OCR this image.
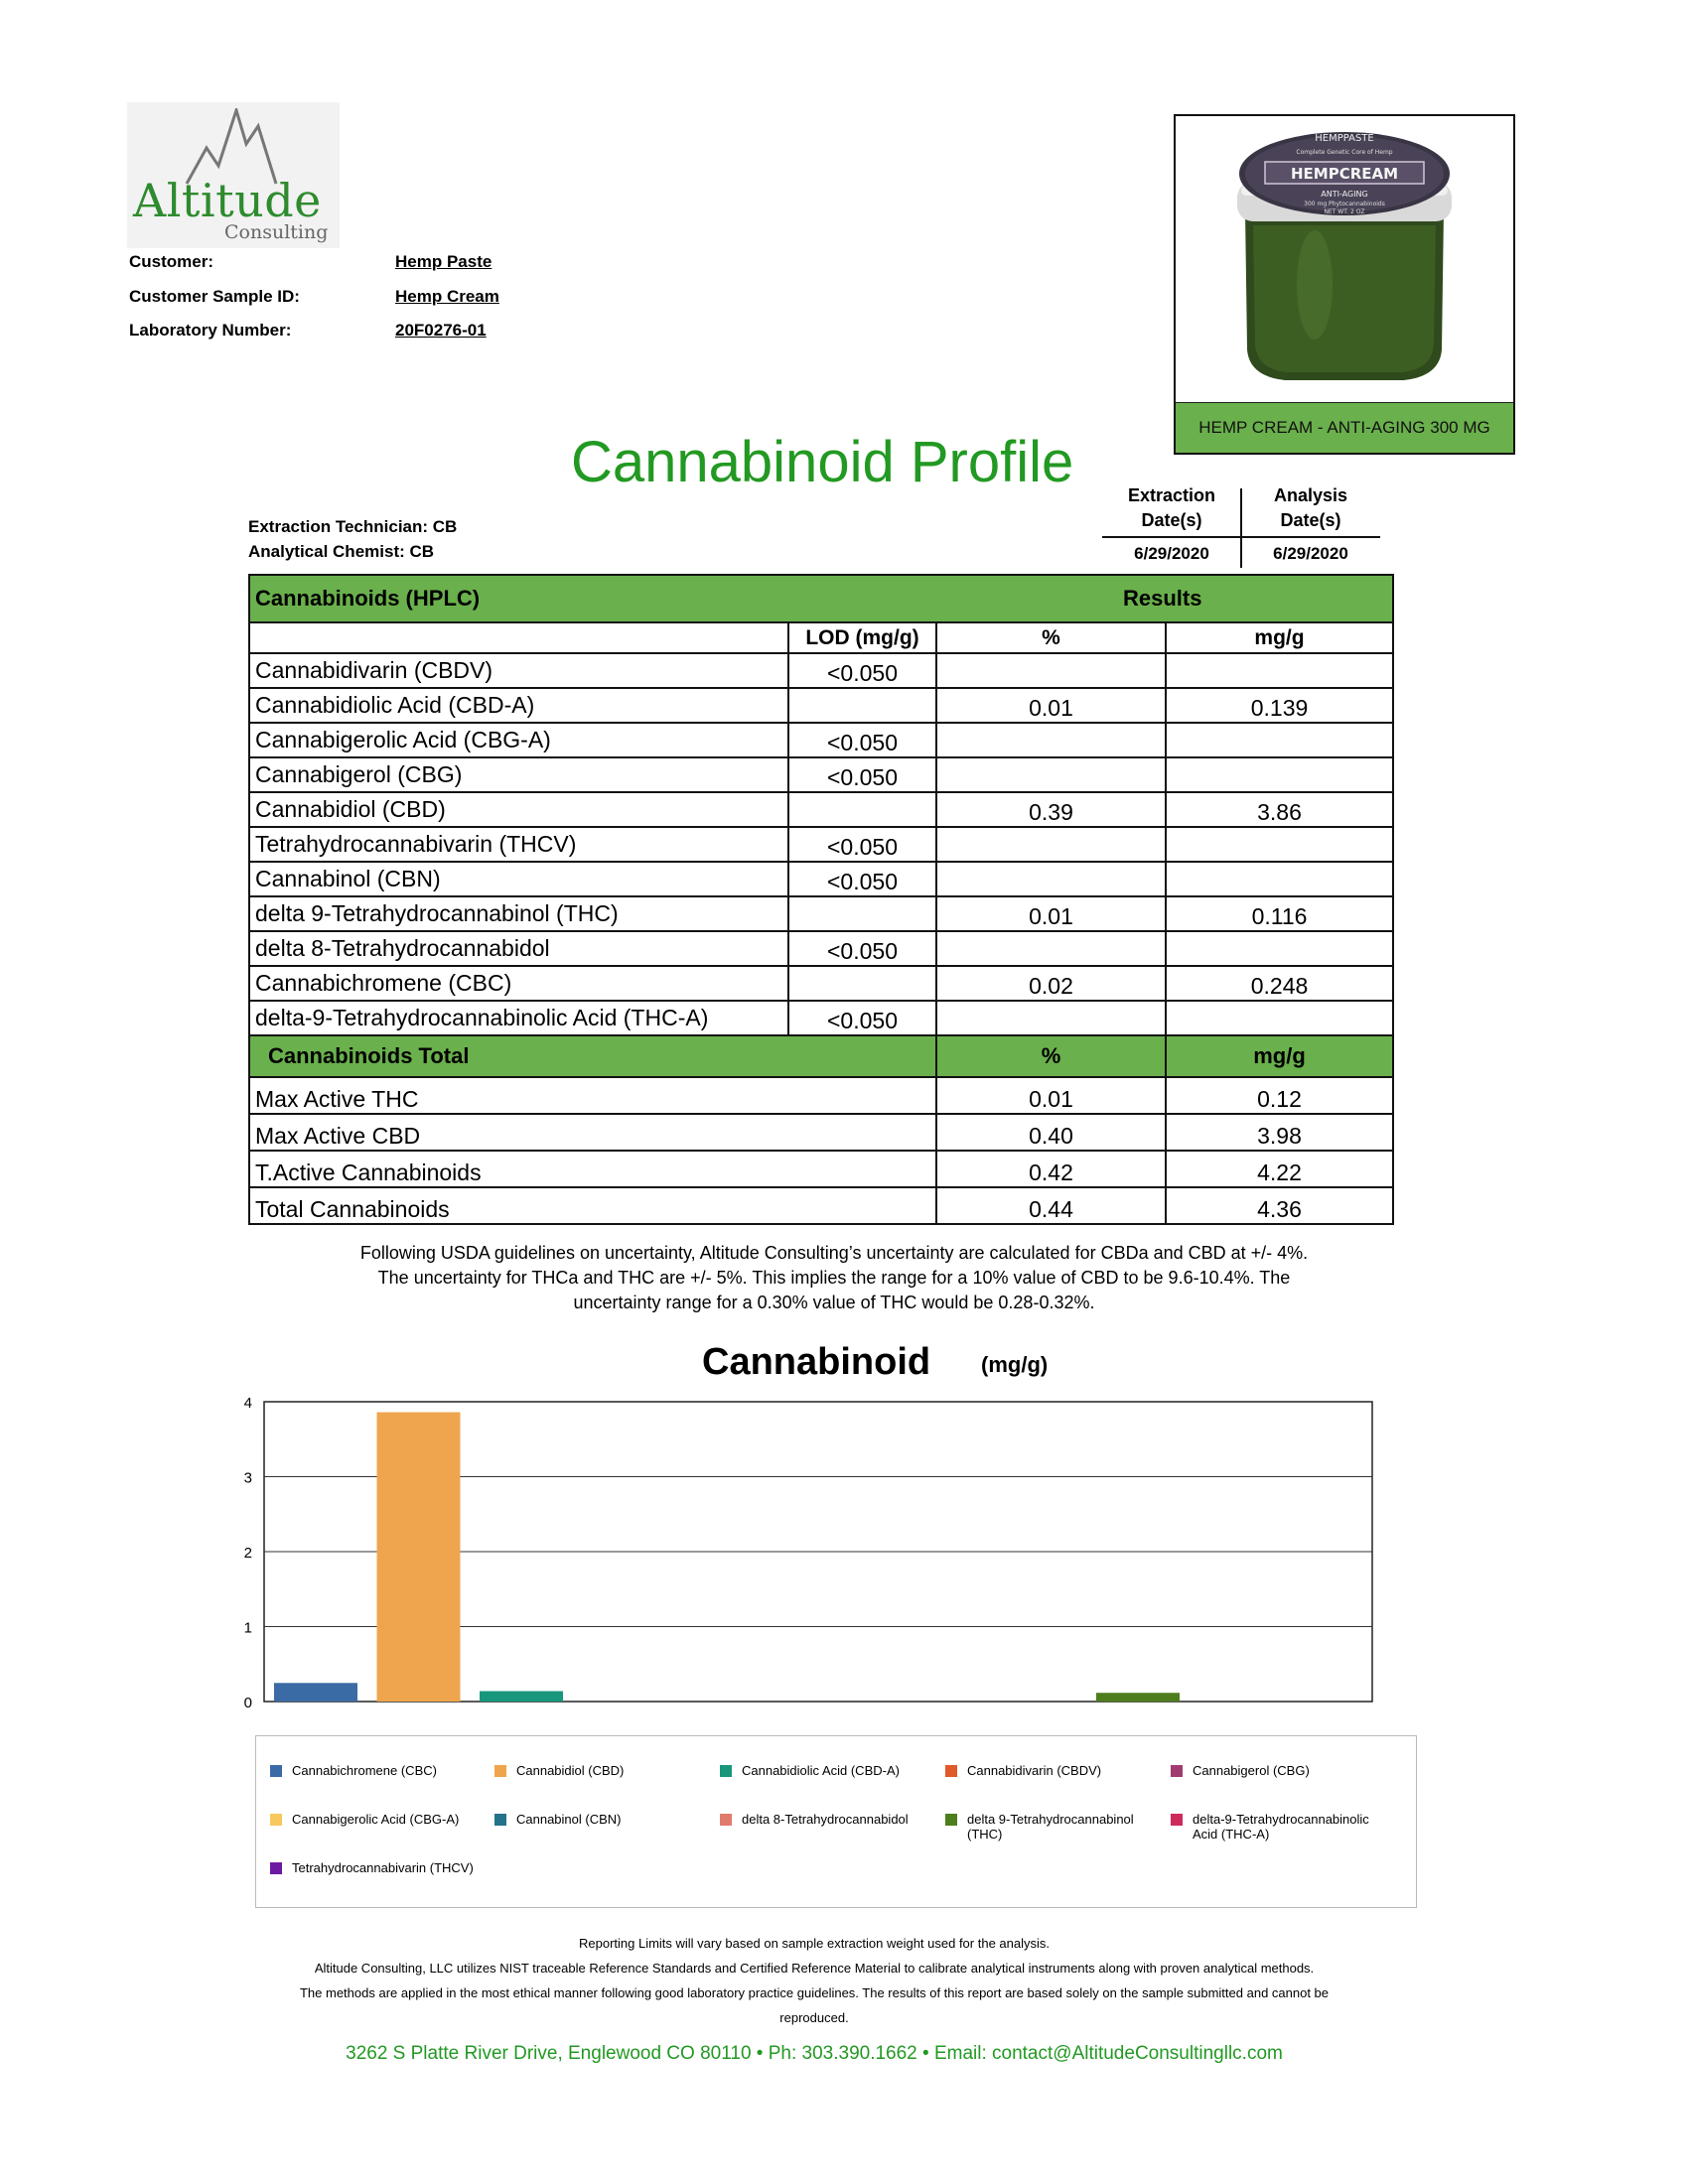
Altitude
Consulting
Customer:	Hemp Paste
Customer Sample ID:	Hemp Cream
Laboratory Number:	20F0276-01
HEMPPASTE
Complete Genetic Core of Hemp
HEMPCREAM
ANTI-AGING
300 mg Phytocannabinoids
NET WT. 2 OZ
HEMP CREAM - ANTI-AGING 300 MG
Cannabinoid Profile
Extraction Technician: CB
Analytical Chemist: CB
Extraction
Date(s)
Analysis
Date(s)
6/29/2020	6/29/2020
Cannabinoids (HPLC) Results			

	LOD (mg/g)	%	mg/g
Cannabidivarin (CBDV)	<0.050		
Cannabidiolic Acid (CBD-A)		0.01	0.139
Cannabigerolic Acid (CBG-A)	<0.050		
Cannabigerol (CBG)	<0.050		
Cannabidiol (CBD)		0.39	3.86
Tetrahydrocannabivarin (THCV)	<0.050		
Cannabinol (CBN)	<0.050		
delta 9-Tetrahydrocannabinol (THC)		0.01	0.116
delta 8-Tetrahydrocannabidol	<0.050		
Cannabichromene (CBC)		0.02	0.248
delta-9-Tetrahydrocannabinolic Acid (THC-A)	<0.050		
Cannabinoids Total		%	mg/g
Max Active THC		0.01	0.12
Max Active CBD		0.40	3.98
T.Active Cannabinoids		0.42	4.22
Total Cannabinoids		0.44	4.36
Following USDA guidelines on uncertainty, Altitude Consulting’s uncertainty are calculated for CBDa and CBD at +/- 4%.
The uncertainty for THCa and THC are +/- 5%. This implies the range for a 10% value of CBD to be 9.6-10.4%. The
uncertainty range for a 0.30% value of THC would be 0.28-0.32%.
Cannabinoid (mg/g)
0
1
2
3
4
Cannabichromene (CBC)	Cannabidiol (CBD)	Cannabidiolic Acid (CBD-A)	Cannabidivarin (CBDV)	Cannabigerol (CBG)
Cannabigerolic Acid (CBG-A)	Cannabinol (CBN)	delta 8-Tetrahydrocannabidol	delta 9-Tetrahydrocannabinol (THC)
delta-9-Tetrahydrocannabinolic Acid (THC-A)
Tetrahydrocannabivarin (THCV)
Reporting Limits will vary based on sample extraction weight used for the analysis.
Altitude Consulting, LLC utilizes NIST traceable Reference Standards and Certified Reference Material to calibrate analytical instruments along with proven analytical methods.
The methods are applied in the most ethical manner following good laboratory practice guidelines. The results of this report are based solely on the sample submitted and cannot be
reproduced.
3262 S Platte River Drive, Englewood CO 80110 • Ph: 303.390.1662 • Email: contact@AltitudeConsultingllc.com
